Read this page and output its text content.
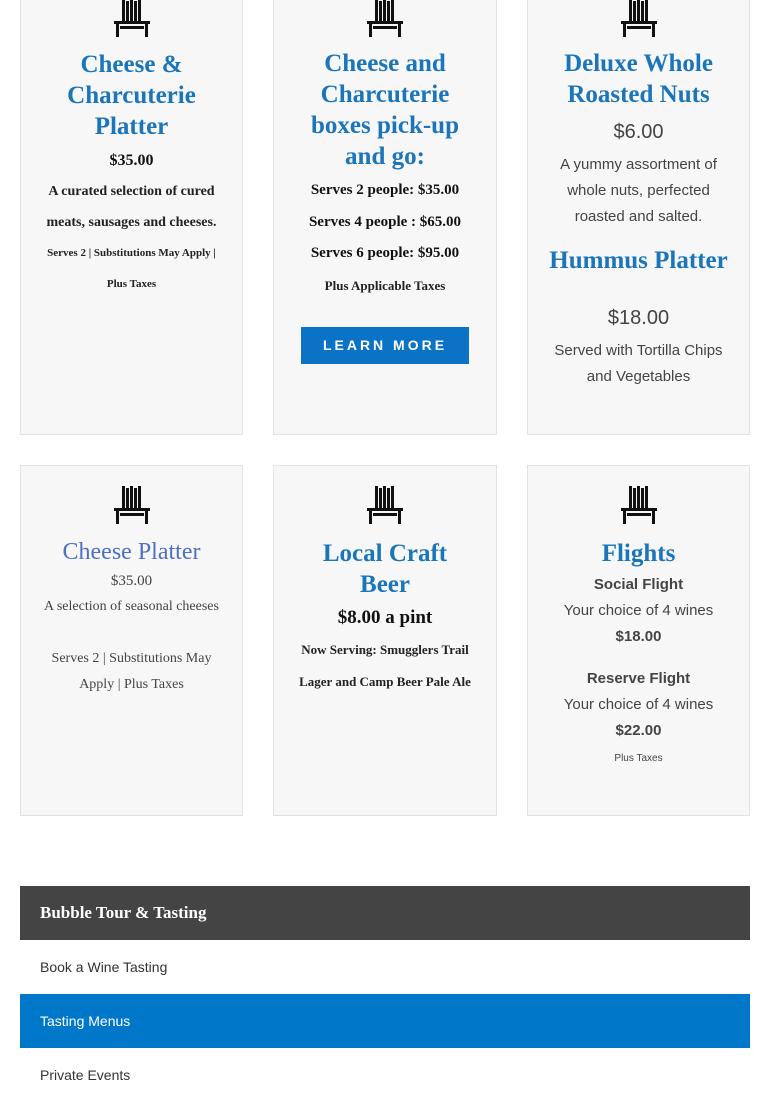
Cheese & Charcuterie Platter
$35.00
A curated selection of cured meats, sausages and cheeses.
Serves 2 | Substitutions May Apply | Plus Taxes
Cheese and Charcuterie boxes pick-up and go:
Serves 2 people: $35.00
Serves 4 people : $65.00
Serves 6 people: $95.00
Plus Applicable Taxes
LEARN MORE
Deluxe Whole Roasted Nuts
$6.00
A yummy assortment of whole nuts, perfected roasted and salted.
Hummus Platter
$18.00
Served with Tortilla Chips and Vegetables
Cheese Platter
$35.00
A selection of seasonal cheeses
Serves 2 | Substitutions May Apply | Plus Taxes
Local Craft Beer
$8.00 a pint
Now Serving: Smugglers Trail Lager and Camp Beer Pale Ale
Flights
Social Flight
Your choice of 4 wines
$18.00
Reserve Flight
Your choice of 4 wines
$22.00
Plus Taxes
Bubble Tour & Tasting
Book a Wine Tasting
Tasting Menus
Private Events
